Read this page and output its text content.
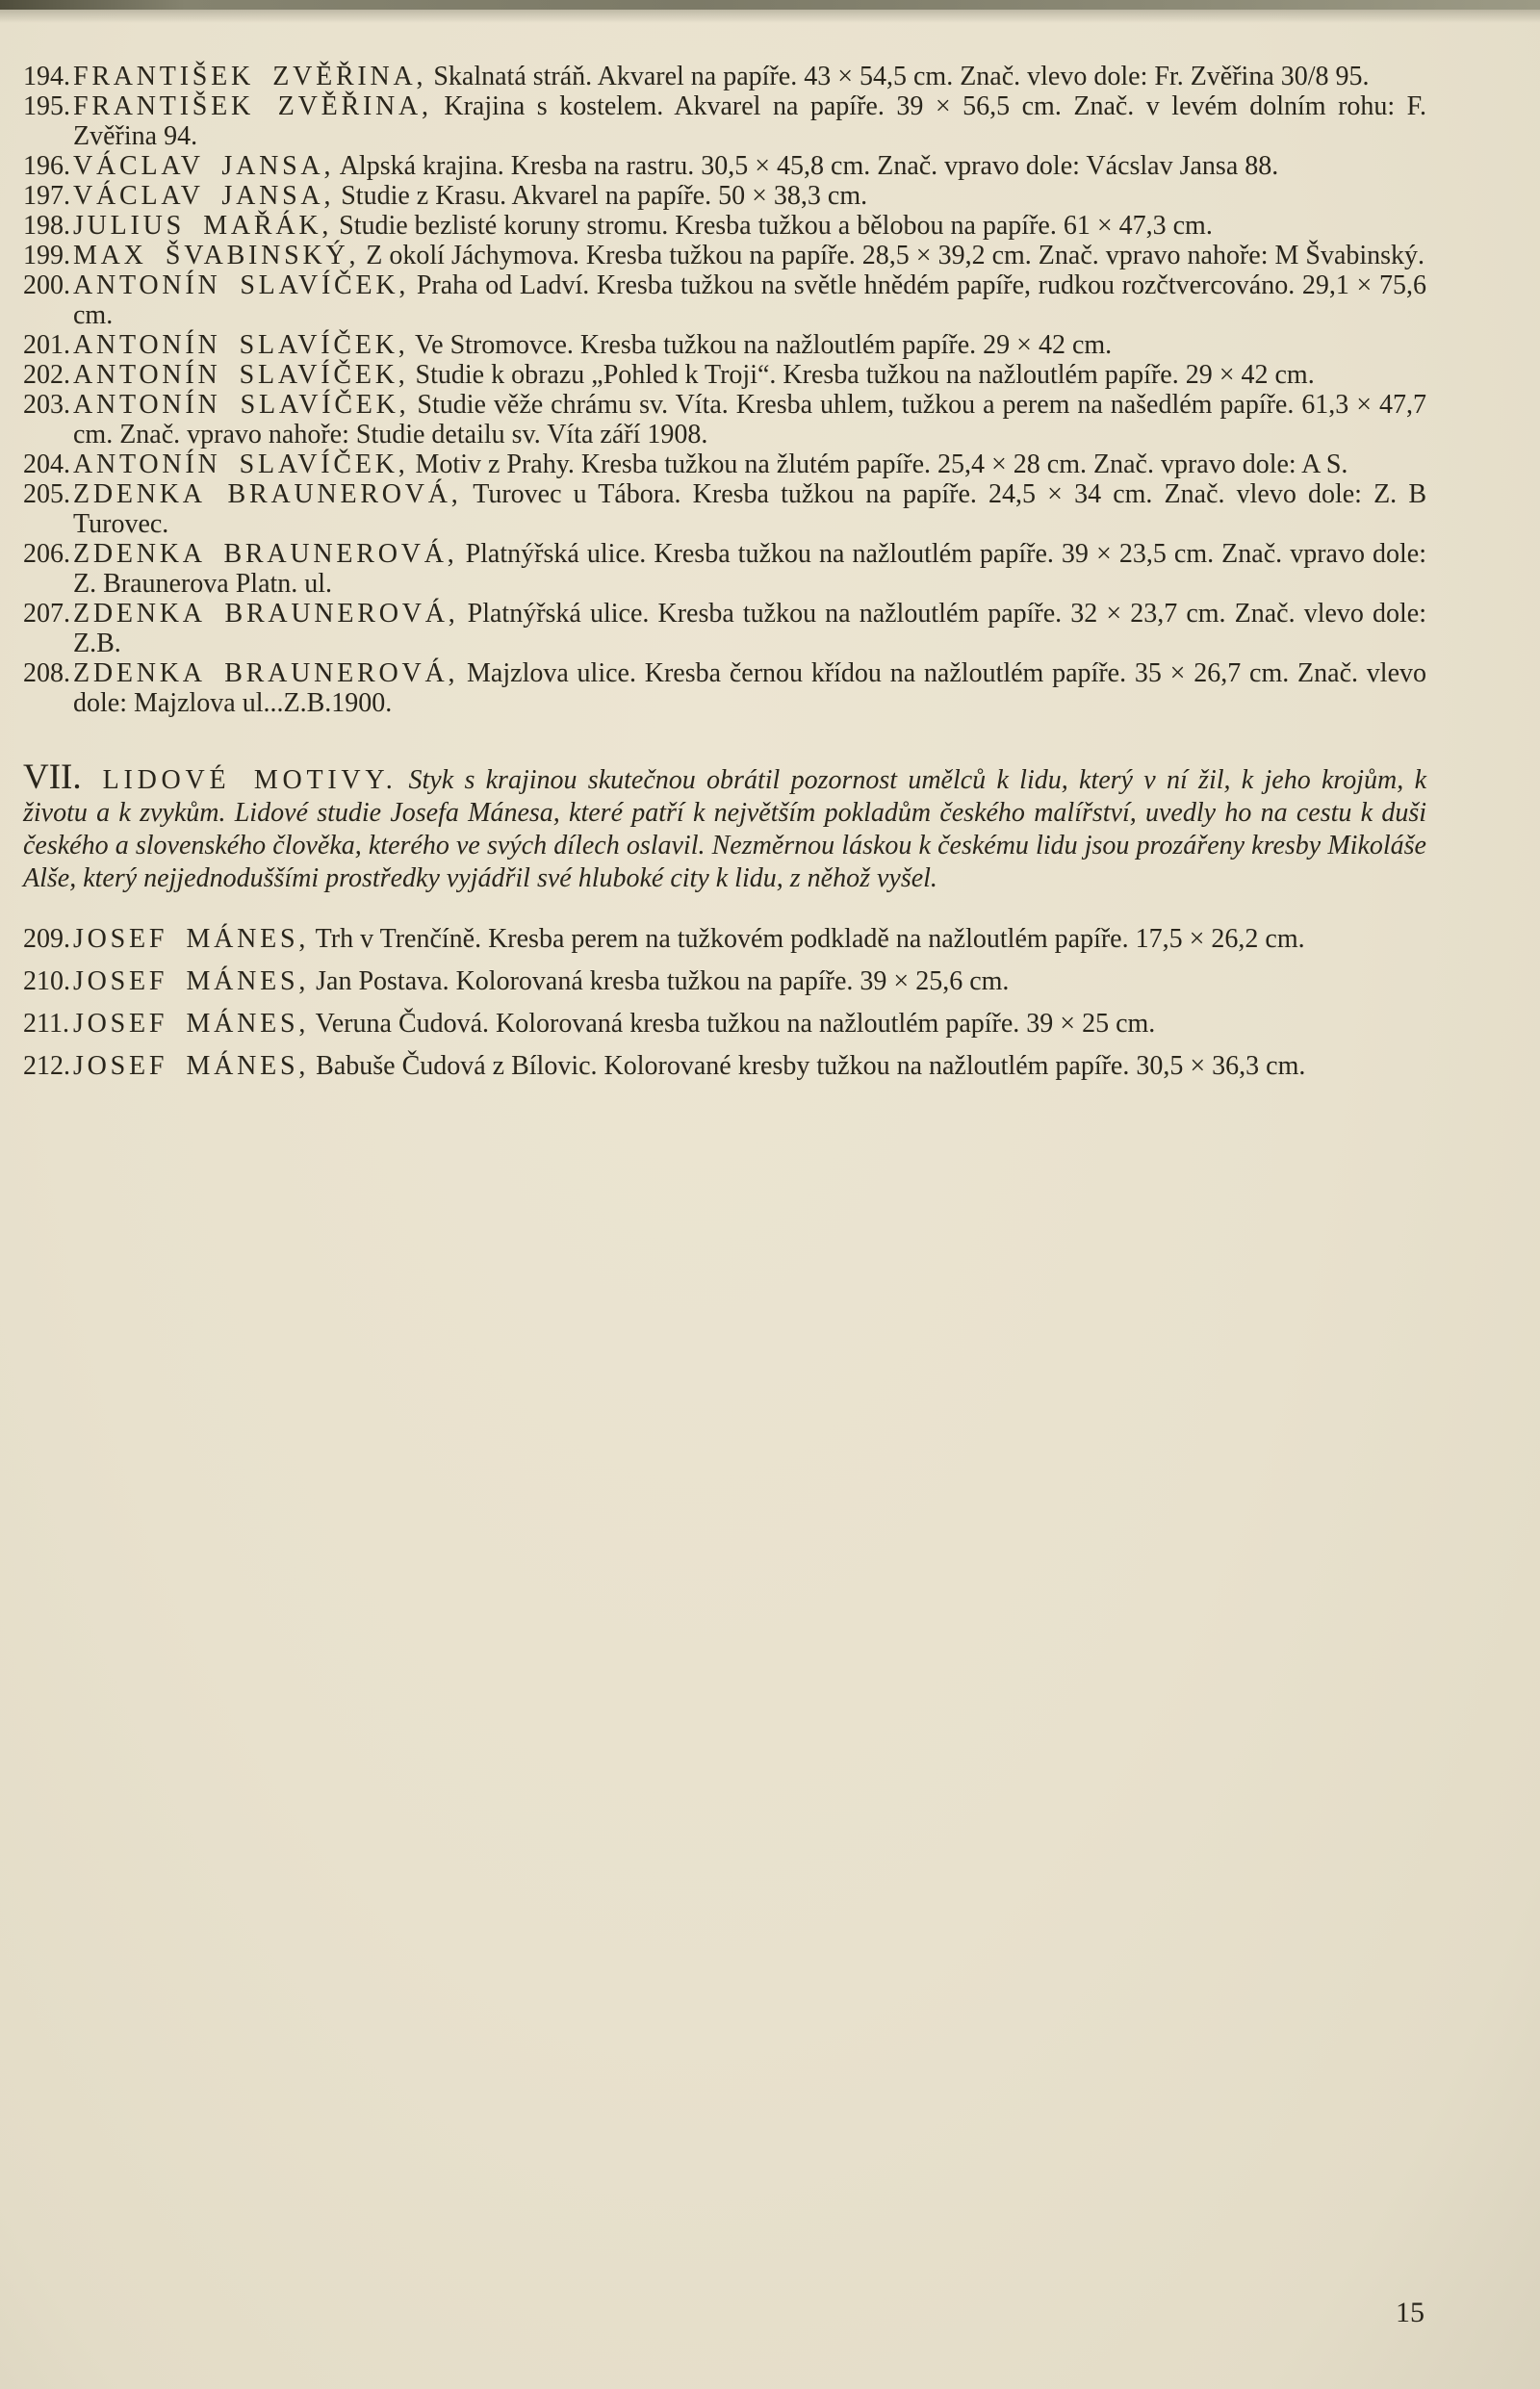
194. FRANTIŠEK ZVĚŘINA, Skalnatá stráň. Akvarel na papíře. 43 × 54,5 cm. Znač. vlevo dole: Fr. Zvěřina 30/8 95.
195. FRANTIŠEK ZVĚŘINA, Krajina s kostelem. Akvarel na papíře. 39 × 56,5 cm. Znač. v levém dolním rohu: F. Zvěřina 94.
196. VÁCLAV JANSA, Alpská krajina. Kresba na rastru. 30,5 × 45,8 cm. Znač. vpravo dole: Vácslav Jansa 88.
197. VÁCLAV JANSA, Studie z Krasu. Akvarel na papíře. 50 × 38,3 cm.
198. JULIUS MAŘÁK, Studie bezlisté koruny stromu. Kresba tužkou a bělobou na papíře. 61 × 47,3 cm.
199. MAX ŠVABINSKÝ, Z okolí Jáchymova. Kresba tužkou na papíře. 28,5 × 39,2 cm. Znač. vpravo nahoře: M Švabinský.
200. ANTONÍN SLAVÍČEK, Praha od Ladví. Kresba tužkou na světle hnědém papíře, rudkou rozčtvercováno. 29,1 × 75,6 cm.
201. ANTONÍN SLAVÍČEK, Ve Stromovce. Kresba tužkou na nažloutlém papíře. 29 × 42 cm.
202. ANTONÍN SLAVÍČEK, Studie k obrazu „Pohled k Troji“. Kresba tužkou na nažloutlém papíře. 29 × 42 cm.
203. ANTONÍN SLAVÍČEK, Studie věže chrámu sv. Víta. Kresba uhlem, tužkou a perem na našedlém papíře. 61,3 × 47,7 cm. Znač. vpravo nahoře: Studie detailu sv. Víta září 1908.
204. ANTONÍN SLAVÍČEK, Motiv z Prahy. Kresba tužkou na žlutém papíře. 25,4 × 28 cm. Znač. vpravo dole: A S.
205. ZDENKA BRAUNEROVÁ, Turovec u Tábora. Kresba tužkou na papíře. 24,5 × 34 cm. Znač. vlevo dole: Z. B Turovec.
206. ZDENKA BRAUNEROVÁ, Platnýřská ulice. Kresba tužkou na nažloutlém papíře. 39 × 23,5 cm. Znač. vpravo dole: Z. Braunerova Platn. ul.
207. ZDENKA BRAUNEROVÁ, Platnýřská ulice. Kresba tužkou na nažloutlém papíře. 32 × 23,7 cm. Znač. vlevo dole: Z.B.
208. ZDENKA BRAUNEROVÁ, Majzlova ulice. Kresba černou křídou na nažloutlém papíře. 35 × 26,7 cm. Znač. vlevo dole: Majzlova ul...Z.B.1900.
VII. LIDOVÉ MOTIVY. Styk s krajinou skutečnou obrátil pozornost umělců k lidu, který v ní žil, k jeho krojům, k životu a k zvykům. Lidové studie Josefa Mánesa, které patří k největším pokladům českého malířství, uvedly ho na cestu k duši českého a slovenského člověka, kterého ve svých dílech oslavil. Nezměrnou láskou k českému lidu jsou prozářeny kresby Mikoláše Alše, který nejjednoduššími prostředky vyjádřil své hluboké city k lidu, z něhož vyšel.
209. JOSEF MÁNES, Trh v Trenčíně. Kresba perem na tužkovém podkladě na nažloutlém papíře. 17,5 × 26,2 cm.
210. JOSEF MÁNES, Jan Postava. Kolorovaná kresba tužkou na papíře. 39 × 25,6 cm.
211. JOSEF MÁNES, Veruna Čudová. Kolorovaná kresba tužkou na nažloutlém papíře. 39 × 25 cm.
212. JOSEF MÁNES, Babuše Čudová z Bílovic. Kolorované kresby tužkou na nažloutlém papíře. 30,5 × 36,3 cm.
15
